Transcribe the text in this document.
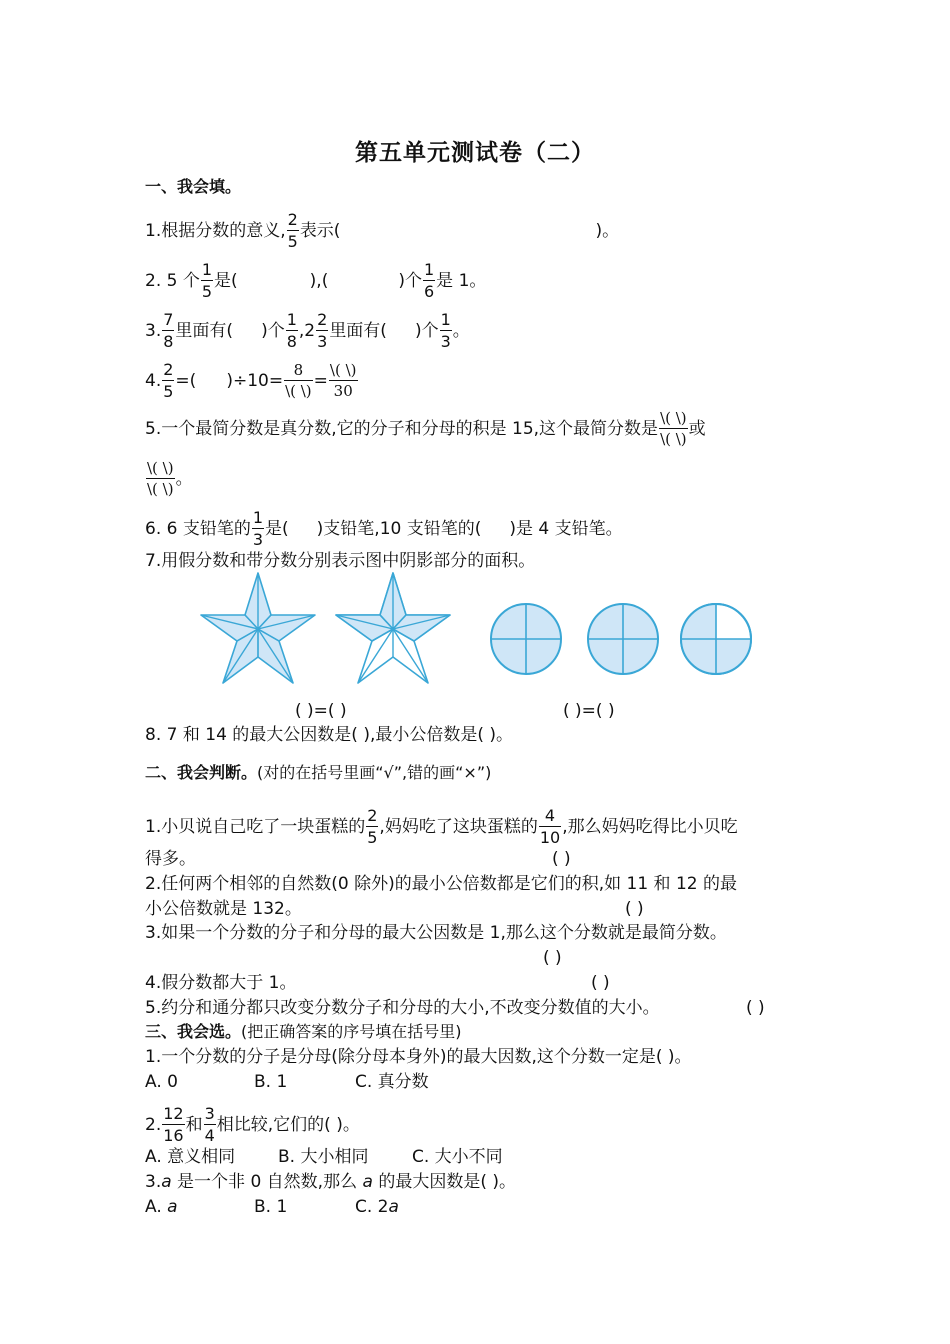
第五单元测试卷（二）
一、我会填。
1.根据分数的意义, $\frac{2}{5}$ 表示(	)。
2. 5 个 $\frac{1}{5}$ 是(	),(	)个 $\frac{1}{6}$ 是 1。
3. $\frac{7}{8}$ 里面有( )个 $\frac{1}{8} ,2 \frac{2}{3}$ 里面有( )个 $\frac{1}{3}$ 。
4. $\frac{2}{5}$ =( )$\div 10= \frac{8}{\backslash( \backslash)} = \frac{\backslash( \backslash)}{30}$
5.一个最简分数是真分数,它的分子和分母的积是 15,这个最简分数是 $\frac{\backslash( \backslash)}{\backslash( \backslash)}$ 或
$\frac{\backslash( \backslash)}{\backslash( \backslash)}$ 。
6. 6 支铅笔的 $\frac{1}{3}$ 是( )支铅笔,10 支铅笔的( )是 4 支铅笔。
7.用假分数和带分数分别表示图中阴影部分的面积。
( )=( )	( )=( )
8. 7 和 14 的最大公因数是( ),最小公倍数是( )。
二、我会判断。(对的在括号里画“√”,错的画“×”)
1.小贝说自己吃了一块蛋糕的 $\frac{2}{5}$ ,妈妈吃了这块蛋糕的 $\frac{4}{10}$ ,那么妈妈吃得比小贝吃
得多。	( )
2.任何两个相邻的自然数(0 除外)的最小公倍数都是它们的积,如 11 和 12 的最
小公倍数就是 132。	( )
3.如果一个分数的分子和分母的最大公因数是 1,那么这个分数就是最简分数。
( )
4.假分数都大于 1。	( )
5.约分和通分都只改变分数分子和分母的大小,不改变分数值的大小。	( )
三、我会选。(把正确答案的序号填在括号里)
1.一个分数的分子是分母(除分母本身外)的最大因数,这个分数一定是( )。
A. 0	B. 1	C. 真分数
2. $\frac{12}{16}$ 和 $\frac{3}{4}$ 相比较,它们的( )。
A. 意义相同	B. 大小相同	C. 大小不同
3.a 是一个非 0 自然数,那么 a 的最大因数是( )。
A. a	B. 1	C. 2a
